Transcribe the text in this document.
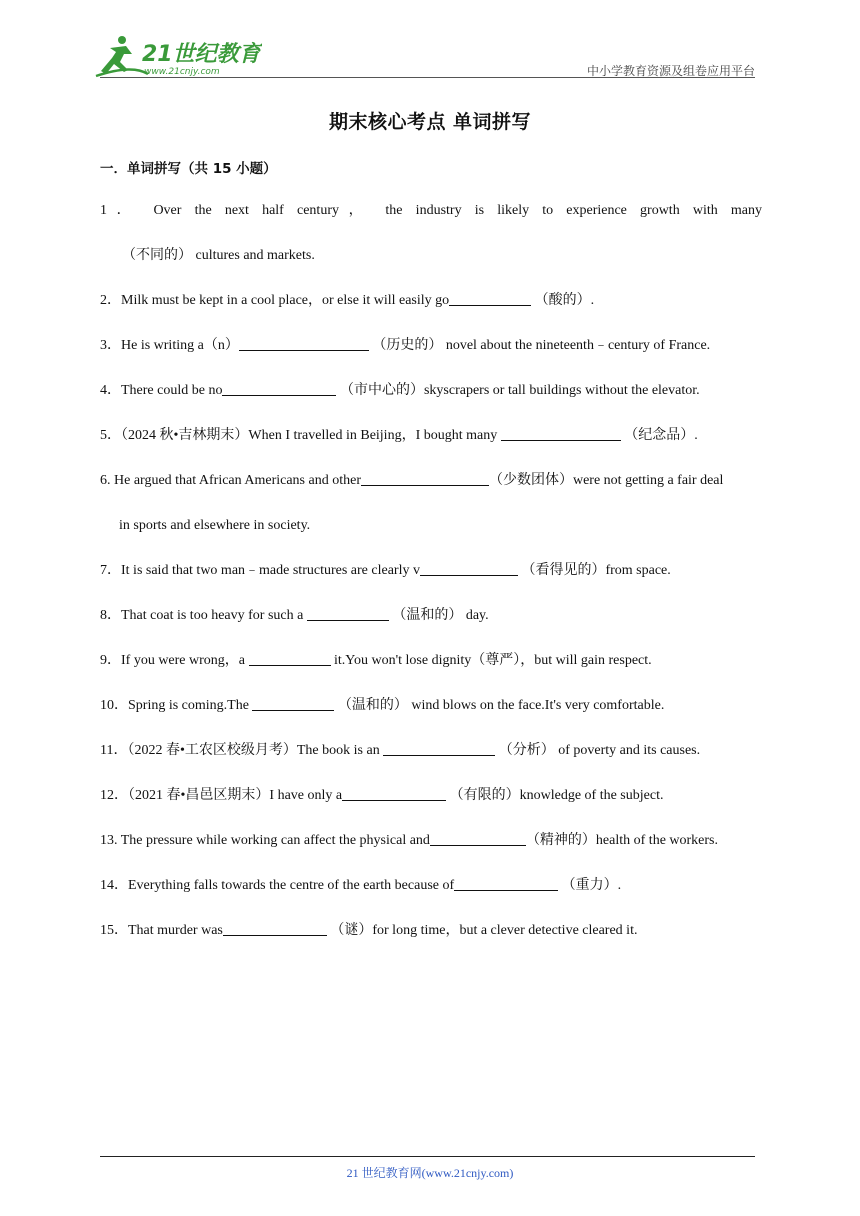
21世纪教育
www.21cnjy.com	中小学教育资源及组卷应用平台
期末核心考点 单词拼写
一．单词拼写（共 15 小题）
1． Over the next half century， the industry is likely to experience growth with many
（不同的） cultures and markets.
2．Milk must be kept in a cool place，or else it will easily go	（酸的）.
3．He is writing a（n）	（历史的） novel about the nineteenth﹣century of France.
4．There could be no	（市中心的）skyscrapers or tall buildings without the elevator.
5．（2024 秋•吉林期末）When I travelled in Beijing，I bought many	（纪念品）.
6. He argued that African Americans and other	（少数团体）were not getting a fair deal
in sports and elsewhere in society.
7．It is said that two man﹣made structures are clearly v	（看得见的）from space.
8．That coat is too heavy for such a	（温和的） day.
9．If you were wrong，a	it.You won't lose dignity（尊严），but will gain respect.
10．Spring is coming.The	（温和的） wind blows on the face.It's very comfortable.
11．（2022 春•工农区校级月考）The book is an	（分析） of poverty and its causes.
12．（2021 春•昌邑区期末）I have only a	（有限的）knowledge of the subject.
13. The pressure while working can affect the physical and	（精神的）health of the workers.
14．Everything falls towards the centre of the earth because of	（重力）.
15．That murder was	（谜）for long time，but a clever detective cleared it.
21 世纪教育网(www.21cnjy.com)
